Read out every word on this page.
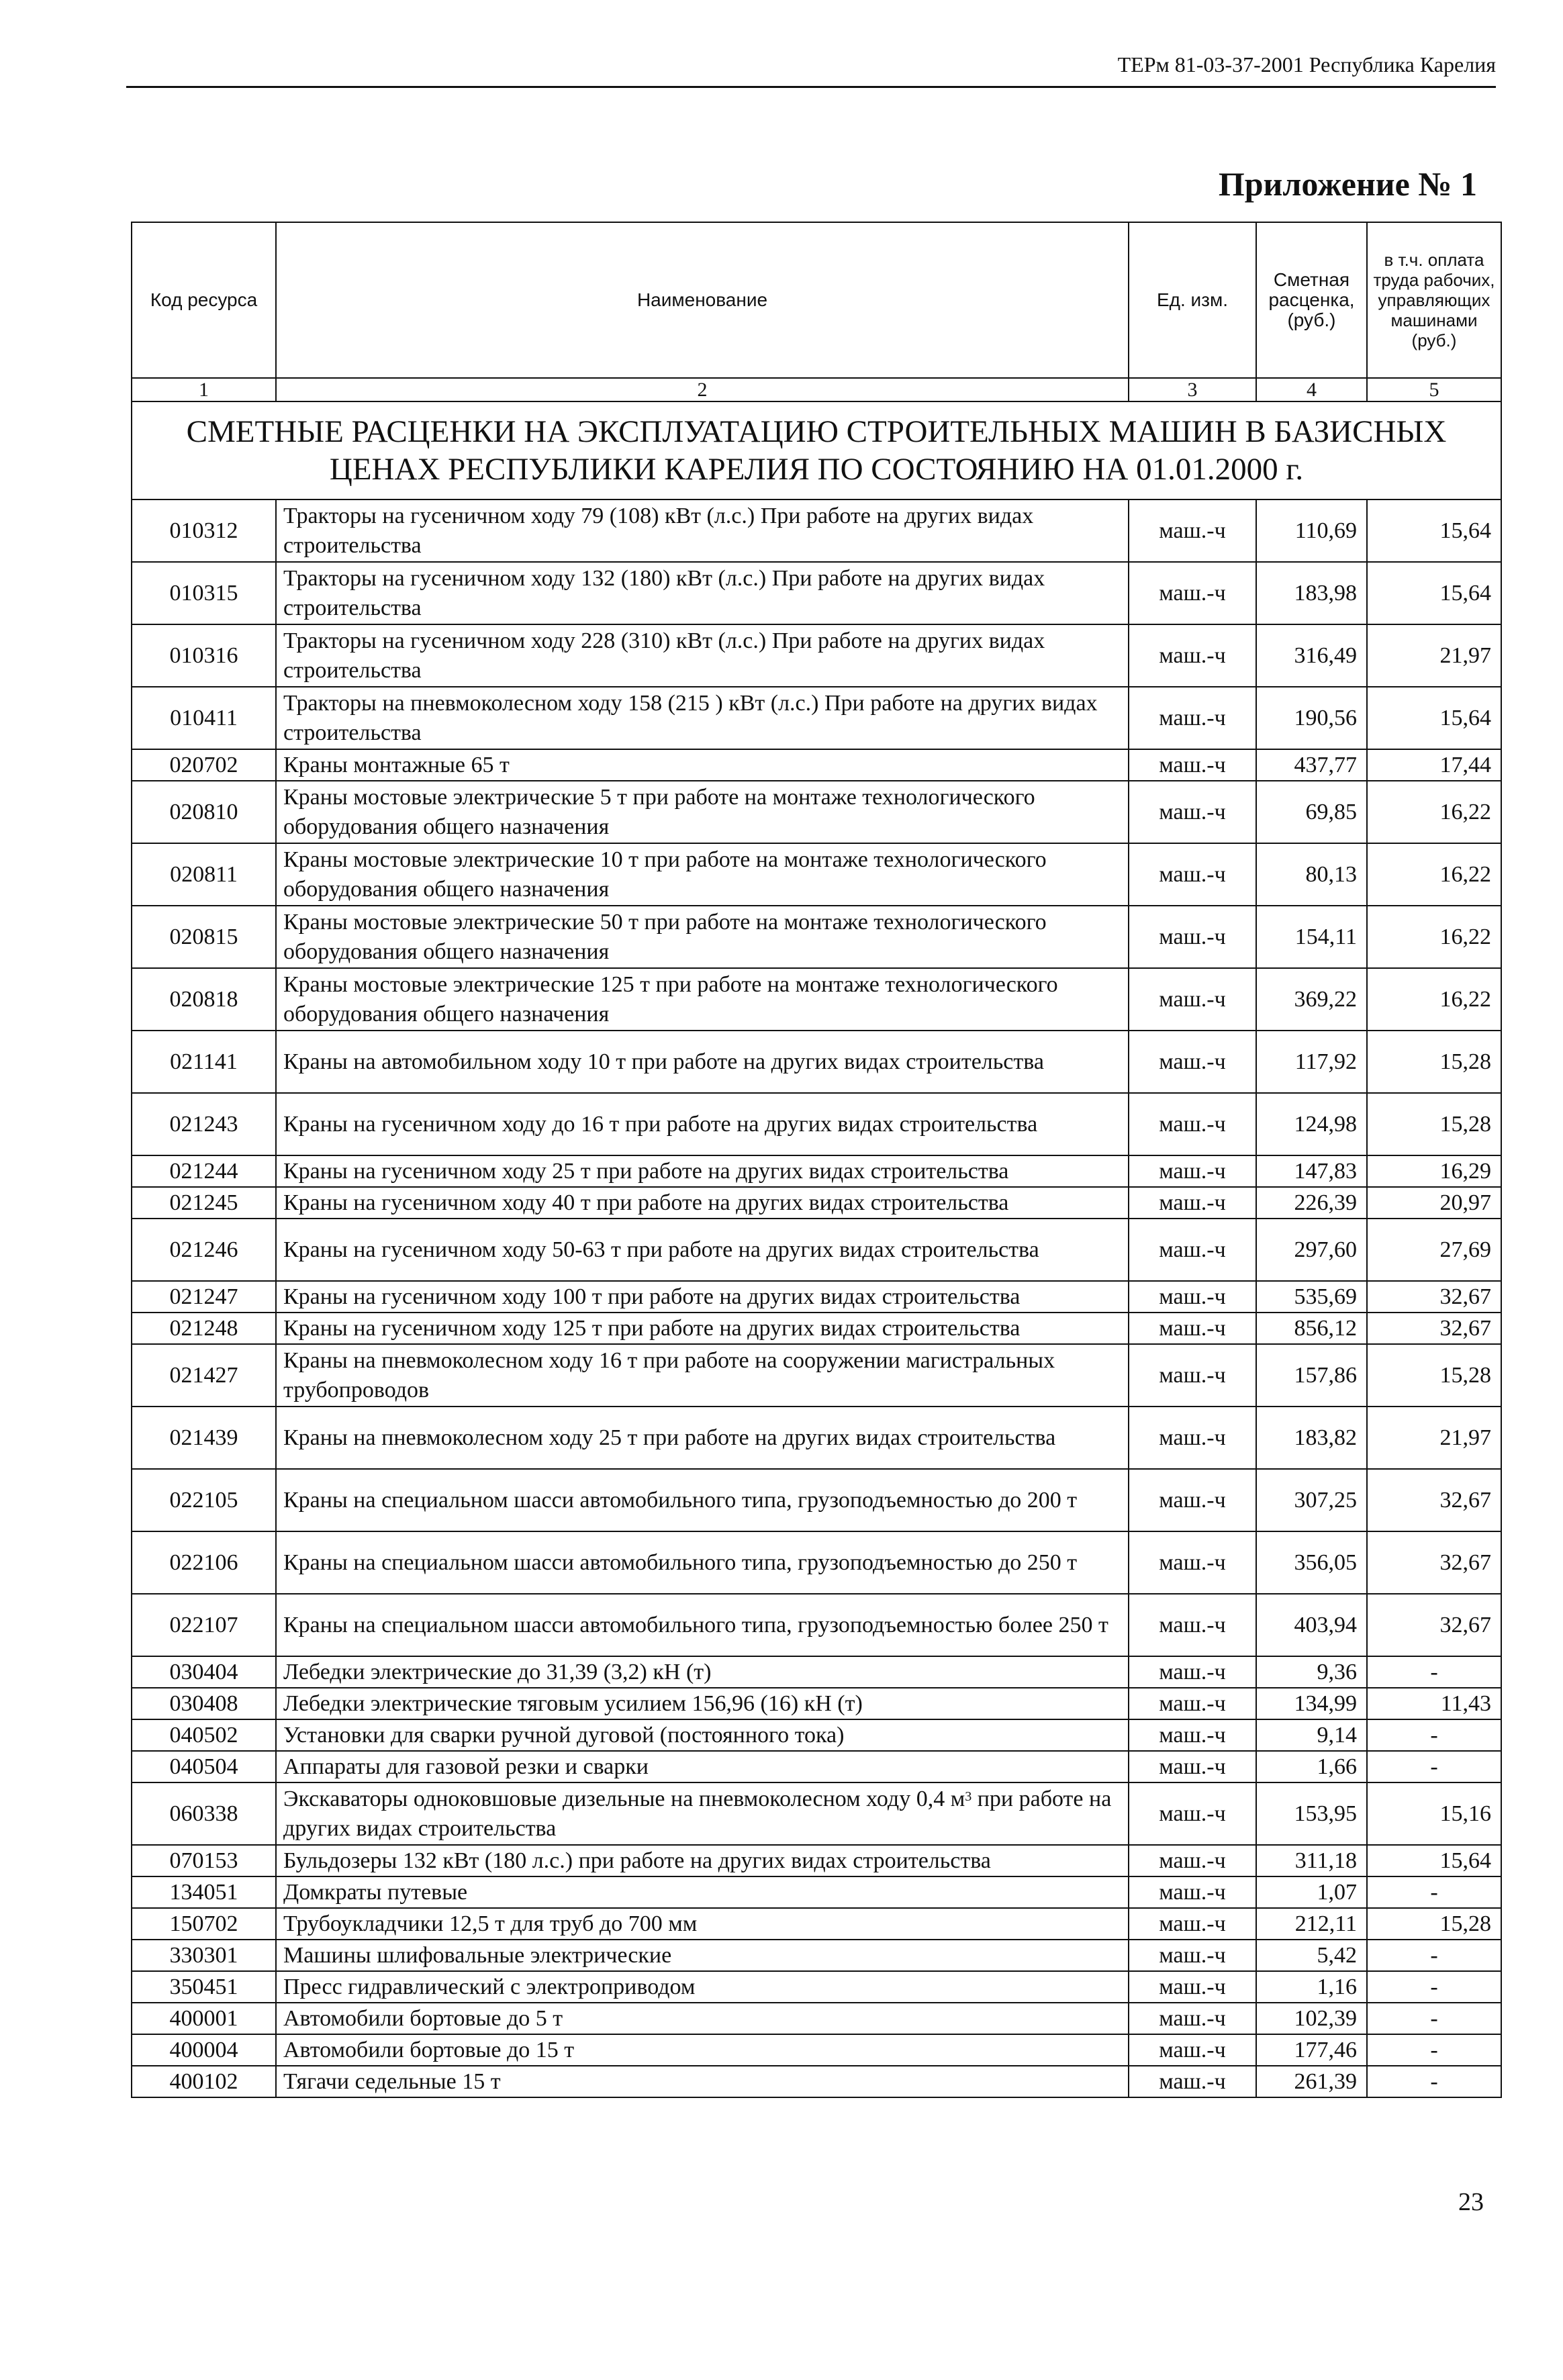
ТЕРм 81-03-37-2001 Республика Карелия
Приложение № 1
Код ресурса	Наименование	Ед. изм.	Сметная расценка, (руб.)	в т.ч. оплата труда рабочих, управляющих машинами (руб.)
1	2	3	4	5
СМЕТНЫЕ РАСЦЕНКИ НА ЭКСПЛУАТАЦИЮ СТРОИТЕЛЬНЫХ МАШИН В БАЗИСНЫХ ЦЕНАХ РЕСПУБЛИКИ КАРЕЛИЯ ПО СОСТОЯНИЮ НА 01.01.2000 г.				
010312	Тракторы на гусеничном ходу 79 (108) кВт (л.с.) При работе на других видах строительства	маш.-ч	110,69	15,64
010315	Тракторы на гусеничном ходу 132 (180) кВт (л.с.) При работе на других видах строительства	маш.-ч	183,98	15,64
010316	Тракторы на гусеничном ходу 228 (310) кВт (л.с.) При работе на других видах строительства	маш.-ч	316,49	21,97
010411	Тракторы на пневмоколесном ходу 158 (215 ) кВт (л.с.) При работе на других видах строительства	маш.-ч	190,56	15,64
020702	Краны монтажные 65 т	маш.-ч	437,77	17,44
020810	Краны мостовые электрические 5 т при работе на монтаже технологического оборудования общего назначения	маш.-ч	69,85	16,22
020811	Краны мостовые электрические 10 т при работе на монтаже технологического оборудования общего назначения	маш.-ч	80,13	16,22
020815	Краны мостовые электрические 50 т при работе на монтаже технологического оборудования общего назначения	маш.-ч	154,11	16,22
020818	Краны мостовые электрические 125 т при работе на монтаже технологического оборудования общего назначения	маш.-ч	369,22	16,22
021141	Краны на автомобильном ходу 10 т при работе на других видах строительства	маш.-ч	117,92	15,28
021243	Краны на гусеничном ходу до 16 т при работе на других видах строительства	маш.-ч	124,98	15,28
021244	Краны на гусеничном ходу 25 т при работе на других видах строительства	маш.-ч	147,83	16,29
021245	Краны на гусеничном ходу 40 т при работе на других видах строительства	маш.-ч	226,39	20,97
021246	Краны на гусеничном ходу 50-63 т при работе на других видах строительства	маш.-ч	297,60	27,69
021247	Краны на гусеничном ходу 100 т при работе на других видах строительства	маш.-ч	535,69	32,67
021248	Краны на гусеничном ходу 125 т при работе на других видах строительства	маш.-ч	856,12	32,67
021427	Краны на пневмоколесном ходу 16 т при работе на сооружении магистральных трубопроводов	маш.-ч	157,86	15,28
021439	Краны на пневмоколесном ходу 25 т при работе на других видах строительства	маш.-ч	183,82	21,97
022105	Краны на специальном шасси автомобильного типа, грузоподъемностью до 200 т	маш.-ч	307,25	32,67
022106	Краны на специальном шасси автомобильного типа, грузоподъемностью до 250 т	маш.-ч	356,05	32,67
022107	Краны на специальном шасси автомобильного типа, грузоподъемностью более 250 т	маш.-ч	403,94	32,67
030404	Лебедки электрические до 31,39 (3,2) кН (т)	маш.-ч	9,36	-
030408	Лебедки электрические тяговым усилием 156,96 (16) кН (т)	маш.-ч	134,99	11,43
040502	Установки для сварки ручной дуговой (постоянного тока)	маш.-ч	9,14	-
040504	Аппараты для газовой резки и сварки	маш.-ч	1,66	-
060338	Экскаваторы одноковшовые дизельные на пневмоколесном ходу 0,4 $м^3$ при работе на других видах строительства	маш.-ч	153,95	15,16
070153	Бульдозеры 132 кВт (180 л.с.) при работе на других видах строительства	маш.-ч	311,18	15,64
134051	Домкраты путевые	маш.-ч	1,07	-
150702	Трубоукладчики 12,5 т для труб до 700 мм	маш.-ч	212,11	15,28
330301	Машины шлифовальные электрические	маш.-ч	5,42	-
350451	Пресс гидравлический с электроприводом	маш.-ч	1,16	-
400001	Автомобили бортовые до 5 т	маш.-ч	102,39	-
400004	Автомобили бортовые до 15 т	маш.-ч	177,46	-
400102	Тягачи седельные 15 т	маш.-ч	261,39	-
23
